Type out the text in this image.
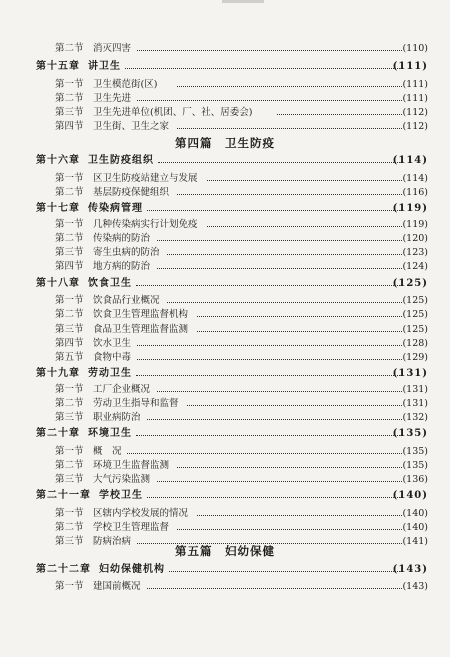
第二节 消灭四害	(110)
第十五章 讲卫生	(111)
第一节 卫生模范街(区)	(111)
第二节 卫生先进	(111)
第三节 卫生先进单位(机团、厂、社、居委会)	(112)
第四节 卫生街、卫生之家	(112)
第四篇　卫生防疫
第十六章 卫生防疫组织	(114)
第一节 区卫生防疫站建立与发展	(114)
第二节 基层防疫保健组织	(116)
第十七章 传染病管理	(119)
第一节 几种传染病实行计划免疫	(119)
第二节 传染病的防治	(120)
第三节 寄生虫病的防治	(123)
第四节 地方病的防治	(124)
第十八章 饮食卫生	(125)
第一节 饮食品行业概况	(125)
第二节 饮食卫生管理监督机构	(125)
第三节 食品卫生管理监督监测	(125)
第四节 饮水卫生	(128)
第五节 食物中毒	(129)
第十九章 劳动卫生	(131)
第一节 工厂企业概况	(131)
第二节 劳动卫生指导和监督	(131)
第三节 职业病防治	(132)
第二十章 环境卫生	(135)
第一节 概　况	(135)
第二节 环境卫生监督监测	(135)
第三节 大气污染监测	(136)
第二十一章 学校卫生	(140)
第一节 区辖内学校发展的情况	(140)
第二节 学校卫生管理监督	(140)
第三节 防病治病	(141)
第五篇　妇幼保健
第二十二章 妇幼保健机构	(143)
第一节 建国前概况	(143)
